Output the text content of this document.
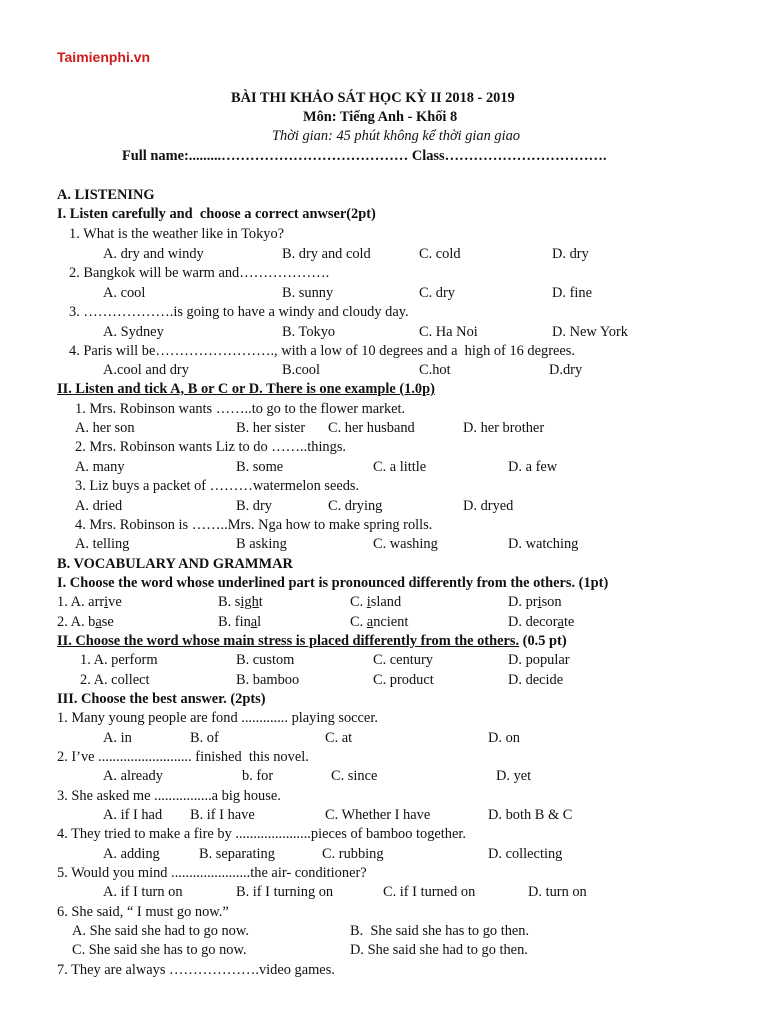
Taimienphi.vn
BÀI THI KHẢO SÁT HỌC KỲ II 2018 - 2019
Môn: Tiếng Anh - Khối 8
Thời gian: 45 phút không kể thời gian giao
Full name:.........………………………………… Class…………………………….
A. LISTENING
I. Listen carefully and  choose a correct anwser(2pt)
1. What is the weather like in Tokyo?
A. dry and windy	B. dry and cold	C. cold	D. dry
2. Bangkok will be warm and……………….
A. cool	B. sunny	C. dry	D. fine
3. ……………….is going to have a windy and cloudy day.
A. Sydney	B. Tokyo	C. Ha Noi	D. New York
4. Paris will be……………………., with a low of 10 degrees and a  high of 16 degrees.
A.cool and dry	B.cool	C.hot	D.dry
II. Listen and tick A, B or C or D. There is one example (1.0p)
1. Mrs. Robinson wants ……..to go to the flower market.
A. her son	B. her sister C. her husband	D. her brother
2. Mrs. Robinson wants Liz to do ……..things.
A. many	B. some	C. a little	D. a few
3. Liz buys a packet of ………watermelon seeds.
A. dried	B. dry	C. drying	D. dryed
4. Mrs. Robinson is ……..Mrs. Nga how to make spring rolls.
A. telling	B asking	C. washing	D. watching
B. VOCABULARY AND GRAMMAR
I. Choose the word whose underlined part is pronounced differently from the others. (1pt)
1. A. arrive	B. sight	C. island	D. prison
2. A. base	B. final	C. ancient	D. decorate
II. Choose the word whose main stress is placed differently from the others. (0.5 pt)
1. A. perform	B. custom	C. century	D. popular
2. A. collect	B. bamboo	C. product	D. decide
III. Choose the best answer. (2pts)
1. Many young people are fond ............. playing soccer.
A. in	B. of	C. at	D. on
2. I’ve .......................... finished  this novel.
A. already	b. for	C. since	D. yet
3. She asked me ................a big house.
A. if I had B. if I have	C. Whether I have	D. both B & C
4. They tried to make a fire by .....................pieces of bamboo together.
A. adding	B. separating	C. rubbing	D. collecting
5. Would you mind ......................the air- conditioner?
A. if I turn on	B. if I turning on	C. if I turned on	D. turn on
6. She said, “ I must go now.”
A. She said she had to go now.	B.  She said she has to go then.
C. She said she has to go now.	D. She said she had to go then.
7. They are always ……………….video games.
